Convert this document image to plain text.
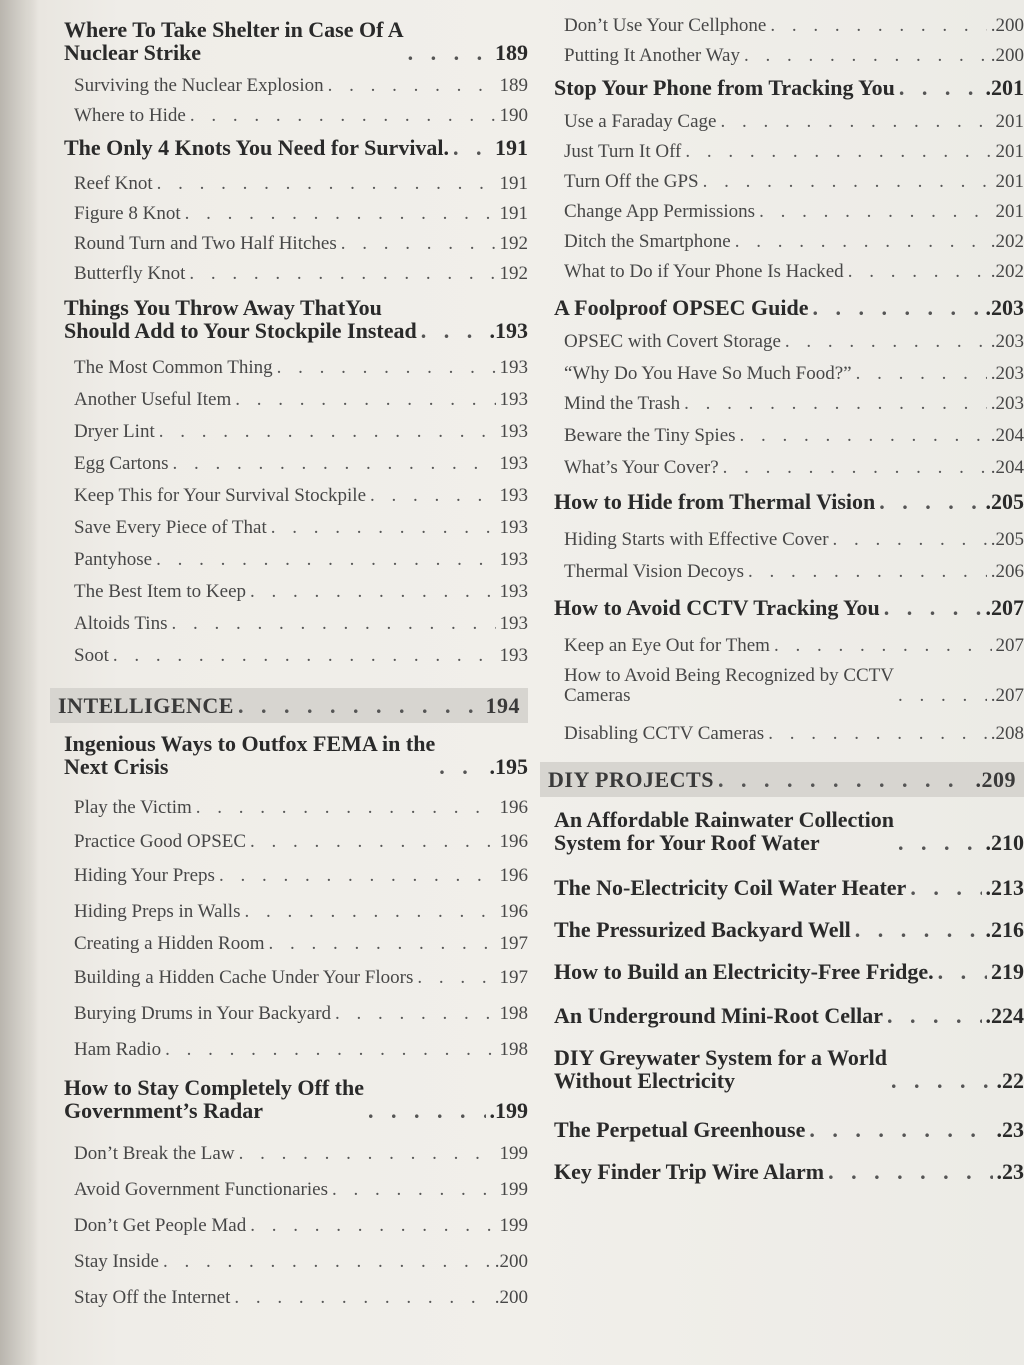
Where To Take Shelter in Case Of A
Nuclear Strike . . .	189
Surviving the Nuclear Explosion . . .	189
Where to Hide . . .	190
The Only 4 Knots You Need for Survival. . . . 191
Reef Knot . . .	191
Figure 8 Knot . . .	191
Round Turn and Two Half Hitches . . .	192
Butterfly Knot . . .	192
Things You Throw Away ThatYou
Should Add to Your Stockpile Instead . . .	.193
The Most Common Thing . . .	193
Another Useful Item . . .	193
Dryer Lint . . .	193
Egg Cartons . . .	193
Keep This for Your Survival Stockpile . . .	193
Save Every Piece of That . . .	193
Pantyhose . . .	193
The Best Item to Keep . . .	193
Altoids Tins . . .	193
Soot . . .	193
INTELLIGENCE . . .	194
Ingenious Ways to Outfox FEMA in the
Next Crisis . . .	.195
Play the Victim . . .	196
Practice Good OPSEC . . .	196
Hiding Your Preps . . .	196
Hiding Preps in Walls . . .	196
Creating a Hidden Room . . .	197
Building a Hidden Cache Under Your Floors . . .	197
Burying Drums in Your Backyard . . .	198
Ham Radio . . .	198
How to Stay Completely Off the
Government’s Radar . . .	.199
Don’t Break the Law . . .	199
Avoid Government Functionaries . . .	199
Don’t Get People Mad . . .	199
Stay Inside . . .	.200
Stay Off the Internet . . .	.200
Don’t Use Your Cellphone . . .	.200
Putting It Another Way . . .	.200
Stop Your Phone from Tracking You . . .	.201
Use a Faraday Cage . . .	201
Just Turn It Off . . .	201
Turn Off the GPS . . .	201
Change App Permissions . . .	201
Ditch the Smartphone . . .	.202
What to Do if Your Phone Is Hacked . . .	.202
A Foolproof OPSEC Guide . . .	.203
OPSEC with Covert Storage . . .	.203
“Why Do You Have So Much Food?” . . .	.203
Mind the Trash . . .	.203
Beware the Tiny Spies . . .	.204
What’s Your Cover? . . .	.204
How to Hide from Thermal Vision . . .	.205
Hiding Starts with Effective Cover . . .	.205
Thermal Vision Decoys . . .	.206
How to Avoid CCTV Tracking You . . .	.207
Keep an Eye Out for Them . . .	207
How to Avoid Being Recognized by CCTV
Cameras . . .	.207
Disabling CCTV Cameras . . .	.208
DIY PROJECTS . . .	.209
An Affordable Rainwater Collection
System for Your Roof Water . . .	.210
The No-Electricity Coil Water Heater . . .	.213
The Pressurized Backyard Well . . .	.216
How to Build an Electricity-Free Fridge. . . .	219
An Underground Mini-Root Cellar . . .	.224
DIY Greywater System for a World
Without Electricity . . .	.22
The Perpetual Greenhouse . . .	.23
Key Finder Trip Wire Alarm . . .	.23
